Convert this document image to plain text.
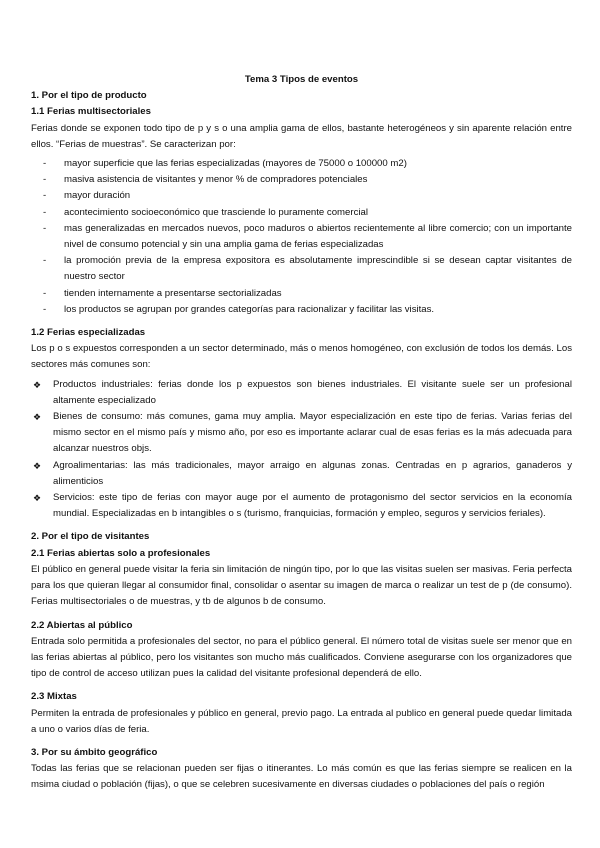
Tema 3 Tipos de eventos
1. Por el tipo de producto
1.1 Ferias multisectoriales

Ferias donde se exponen todo tipo de p y s o una amplia gama de ellos, bastante heterogéneos y sin aparente relación entre ellos. “Ferias de muestras”. Se caracterizan por:

- mayor superficie que las ferias especializadas (mayores de 75000 o 100000 m2)
- masiva asistencia de visitantes y menor % de compradores potenciales
- mayor duración
- acontecimiento socioeconómico que trasciende lo puramente comercial
- mas generalizadas en mercados nuevos, poco maduros o abiertos recientemente al libre comercio; con un importante nivel de consumo potencial y sin una amplia gama de ferias especializadas
- la promoción previa de la empresa expositora es absolutamente imprescindible si se desean captar visitantes de nuestro sector
- tienden internamente a presentarse sectorializadas
- los productos se agrupan por grandes categorías para racionalizar y facilitar las visitas.
1.2 Ferias especializadas

Los p o s expuestos corresponden a un sector determinado, más o menos homogéneo, con exclusión de todos los demás. Los sectores más comunes son:

❖ Productos industriales: ferias donde los p expuestos son bienes industriales. El visitante suele ser un profesional altamente especializado
❖ Bienes de consumo: más comunes, gama muy amplia. Mayor especialización en este tipo de ferias. Varias ferias del mismo sector en el mismo país y mismo año, por eso es importante aclarar cual de esas ferias es la más adecuada para alcanzar nuestros objs.
❖ Agroalimentarias: las más tradicionales, mayor arraigo en algunas zonas. Centradas en p agrarios, ganaderos y alimenticios
❖ Servicios: este tipo de ferias con mayor auge por el aumento de protagonismo del sector servicios en la economía mundial. Especializadas en b intangibles o s (turismo, franquicias, formación y empleo, seguros y servicios feriales).
2. Por el tipo de visitantes
2.1 Ferias abiertas solo a profesionales

El público en general puede visitar la feria sin limitación de ningún tipo, por lo que las visitas suelen ser masivas. Feria perfecta para los que quieran llegar al consumidor final, consolidar o asentar su imagen de marca o realizar un test de p (de consumo). Ferias multisectoriales o de muestras, y tb de algunos b de consumo.

2.2 Abiertas al público

Entrada solo permitida a profesionales del sector, no para el público general. El número total de visitas suele ser menor que en las ferias abiertas al público, pero los visitantes son mucho más cualificados. Conviene asegurarse con los organizadores que tipo de control de acceso utilizan pues la calidad del visitante profesional dependerá de ello.

2.3 Mixtas

Permiten la entrada de profesionales y público en general, previo pago. La entrada al publico en general puede quedar limitada a uno o varios días de feria.

3. Por su ámbito geográfico

Todas las ferias que se relacionan pueden ser fijas o itinerantes. Lo más común es que las ferias siempre se realicen en la msima ciudad o población (fijas), o que se celebren sucesivamente en diversas ciudades o poblaciones del país o región
